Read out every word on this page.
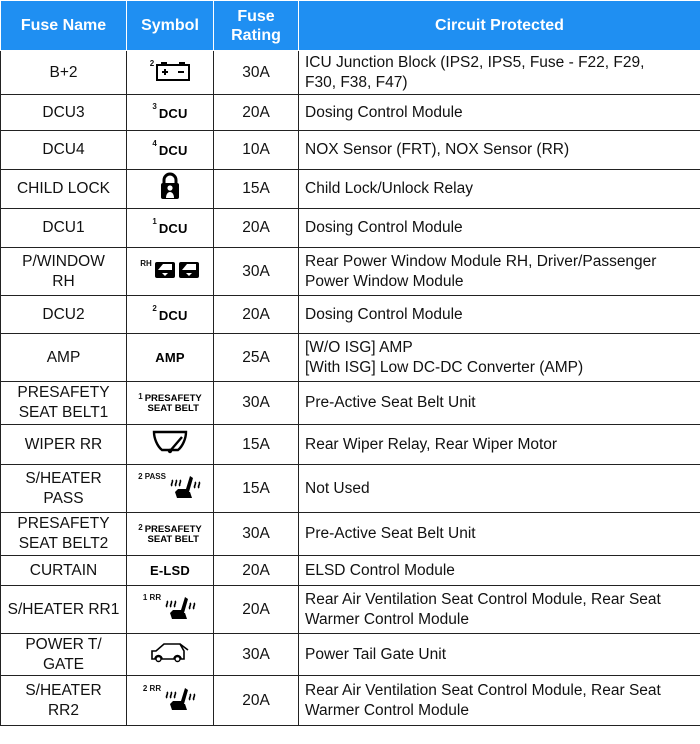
Fuse Name	Symbol	Fuse
Rating	Circuit Protected

B+2	2	30A	ICU Junction Block (IPS2, IPS5, Fuse - F22, F29,
F30, F38, F47)

DCU3	3 DCU	20A	Dosing Control Module

DCU4	4 DCU	10A	NOX Sensor (FRT), NOX Sensor (RR)

CHILD LOCK		15A	Child Lock/Unlock Relay

DCU1	1 DCU	20A	Dosing Control Module

P/WINDOW
RH	RH	30A	Rear Power Window Module RH, Driver/Passenger
Power Window Module

DCU2	2 DCU	20A	Dosing Control Module

AMP	AMP	25A	[W/O ISG] AMP
[With ISG] Low DC-DC Converter (AMP)

PRESAFETY
SEAT BELT1	1 PRESAFETY
SEAT BELT	30A	Pre-Active Seat Belt Unit

WIPER RR		15A	Rear Wiper Relay, Rear Wiper Motor

S/HEATER
PASS	2 PASS	15A	Not Used

PRESAFETY
SEAT BELT2	2 PRESAFETY
SEAT BELT	30A	Pre-Active Seat Belt Unit

CURTAIN	E-LSD	20A	ELSD Control Module

S/HEATER RR1	1 RR	20A	Rear Air Ventilation Seat Control Module, Rear Seat
Warmer Control Module

POWER T/
GATE		30A	Power Tail Gate Unit

S/HEATER
RR2	2 RR	20A	Rear Air Ventilation Seat Control Module, Rear Seat
Warmer Control Module
